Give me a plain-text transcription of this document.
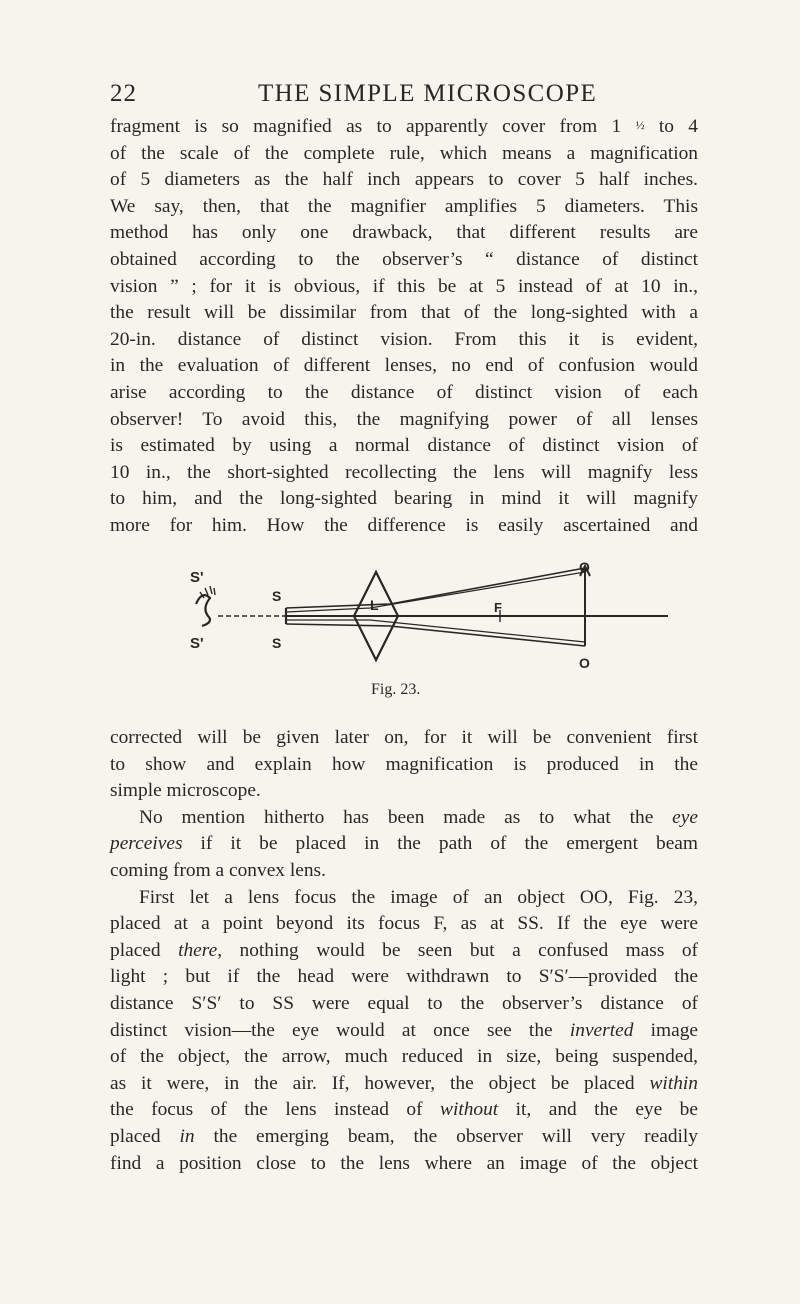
22	THE SIMPLE MICROSCOPE
fragment is so magnified as to apparently cover from 1 ½ to 4
of the scale of the complete rule, which means a magnification
of 5 diameters as the half inch appears to cover 5 half inches.
We say, then, that the magnifier amplifies 5 diameters. This
method has only one drawback, that different results are
obtained according to the observer’s “ distance of distinct
vision ” ; for it is obvious, if this be at 5 instead of at 10 in.,
the result will be dissimilar from that of the long-sighted with a
20-in. distance of distinct vision. From this it is evident,
in the evaluation of different lenses, no end of confusion would
arise according to the distance of distinct vision of each
observer! To avoid this, the magnifying power of all lenses
is estimated by using a normal distance of distinct vision of
10 in., the short-sighted recollecting the lens will magnify less
to him, and the long-sighted bearing in mind it will magnify
more for him. How the difference is easily ascertained and
S'
S'
S
S
L	F
O
O
Fig. 23.
corrected will be given later on, for it will be convenient first
to show and explain how magnification is produced in the
simple microscope.
No mention hitherto has been made as to what the eye
perceives if it be placed in the path of the emergent beam
coming from a convex lens.
First let a lens focus the image of an object OO, Fig. 23,
placed at a point beyond its focus F, as at SS. If the eye were
placed there, nothing would be seen but a confused mass of
light ; but if the head were withdrawn to S′S′—provided the
distance S′S′ to SS were equal to the observer’s distance of
distinct vision—the eye would at once see the inverted image
of the object, the arrow, much reduced in size, being suspended,
as it were, in the air. If, however, the object be placed within
the focus of the lens instead of without it, and the eye be
placed in the emerging beam, the observer will very readily
find a position close to the lens where an image of the object
